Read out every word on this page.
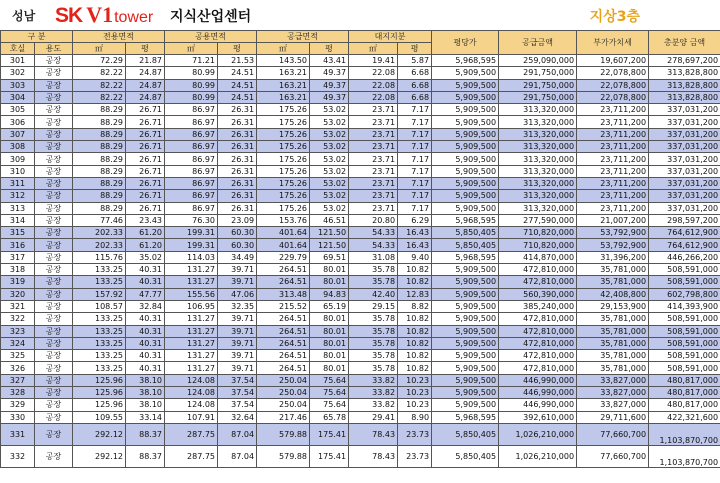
성남 SK V1 tower 지식산업센터	지상3층
구 분		전용면적		공용면적		공급면적		대지지분		평당가	공급금액	부가가치세	총분양 금액
호실	용도	㎡	평	㎡	평	㎡	평	㎡	평				
301	공장	72.29	21.87	71.21	21.53	143.50	43.41	19.41	5.87	5,968,595	259,090,000	19,607,200	278,697,200
302	공장	82.22	24.87	80.99	24.51	163.21	49.37	22.08	6.68	5,909,500	291,750,000	22,078,800	313,828,800
303	공장	82.22	24.87	80.99	24.51	163.21	49.37	22.08	6.68	5,909,500	291,750,000	22,078,800	313,828,800
304	공장	82.22	24.87	80.99	24.51	163.21	49.37	22.08	6.68	5,909,500	291,750,000	22,078,800	313,828,800
305	공장	88.29	26.71	86.97	26.31	175.26	53.02	23.71	7.17	5,909,500	313,320,000	23,711,200	337,031,200
306	공장	88.29	26.71	86.97	26.31	175.26	53.02	23.71	7.17	5,909,500	313,320,000	23,711,200	337,031,200
307	공장	88.29	26.71	86.97	26.31	175.26	53.02	23.71	7.17	5,909,500	313,320,000	23,711,200	337,031,200
308	공장	88.29	26.71	86.97	26.31	175.26	53.02	23.71	7.17	5,909,500	313,320,000	23,711,200	337,031,200
309	공장	88.29	26.71	86.97	26.31	175.26	53.02	23.71	7.17	5,909,500	313,320,000	23,711,200	337,031,200
310	공장	88.29	26.71	86.97	26.31	175.26	53.02	23.71	7.17	5,909,500	313,320,000	23,711,200	337,031,200
311	공장	88.29	26.71	86.97	26.31	175.26	53.02	23.71	7.17	5,909,500	313,320,000	23,711,200	337,031,200
312	공장	88.29	26.71	86.97	26.31	175.26	53.02	23.71	7.17	5,909,500	313,320,000	23,711,200	337,031,200
313	공장	88.29	26.71	86.97	26.31	175.26	53.02	23.71	7.17	5,909,500	313,320,000	23,711,200	337,031,200
314	공장	77.46	23.43	76.30	23.09	153.76	46.51	20.80	6.29	5,968,595	277,590,000	21,007,200	298,597,200
315	공장	202.33	61.20	199.31	60.30	401.64	121.50	54.33	16.43	5,850,405	710,820,000	53,792,900	764,612,900
316	공장	202.33	61.20	199.31	60.30	401.64	121.50	54.33	16.43	5,850,405	710,820,000	53,792,900	764,612,900
317	공장	115.76	35.02	114.03	34.49	229.79	69.51	31.08	9.40	5,968,595	414,870,000	31,396,200	446,266,200
318	공장	133.25	40.31	131.27	39.71	264.51	80.01	35.78	10.82	5,909,500	472,810,000	35,781,000	508,591,000
319	공장	133.25	40.31	131.27	39.71	264.51	80.01	35.78	10.82	5,909,500	472,810,000	35,781,000	508,591,000
320	공장	157.92	47.77	155.56	47.06	313.48	94.83	42.40	12.83	5,909,500	560,390,000	42,408,800	602,798,800
321	공장	108.57	32.84	106.95	32.35	215.52	65.19	29.15	8.82	5,909,500	385,240,000	29,153,900	414,393,900
322	공장	133.25	40.31	131.27	39.71	264.51	80.01	35.78	10.82	5,909,500	472,810,000	35,781,000	508,591,000
323	공장	133.25	40.31	131.27	39.71	264.51	80.01	35.78	10.82	5,909,500	472,810,000	35,781,000	508,591,000
324	공장	133.25	40.31	131.27	39.71	264.51	80.01	35.78	10.82	5,909,500	472,810,000	35,781,000	508,591,000
325	공장	133.25	40.31	131.27	39.71	264.51	80.01	35.78	10.82	5,909,500	472,810,000	35,781,000	508,591,000
326	공장	133.25	40.31	131.27	39.71	264.51	80.01	35.78	10.82	5,909,500	472,810,000	35,781,000	508,591,000
327	공장	125.96	38.10	124.08	37.54	250.04	75.64	33.82	10.23	5,909,500	446,990,000	33,827,000	480,817,000
328	공장	125.96	38.10	124.08	37.54	250.04	75.64	33.82	10.23	5,909,500	446,990,000	33,827,000	480,817,000
329	공장	125.96	38.10	124.08	37.54	250.04	75.64	33.82	10.23	5,909,500	446,990,000	33,827,000	480,817,000
330	공장	109.55	33.14	107.91	32.64	217.46	65.78	29.41	8.90	5,968,595	392,610,000	29,711,600	422,321,600
331	공장	292.12	88.37	287.75	87.04	579.88	175.41	78.43	23.73	5,850,405	1,026,210,000	77,660,700	1,103,870,700
332	공장	292.12	88.37	287.75	87.04	579.88	175.41	78.43	23.73	5,850,405	1,026,210,000	77,660,700	1,103,870,700
